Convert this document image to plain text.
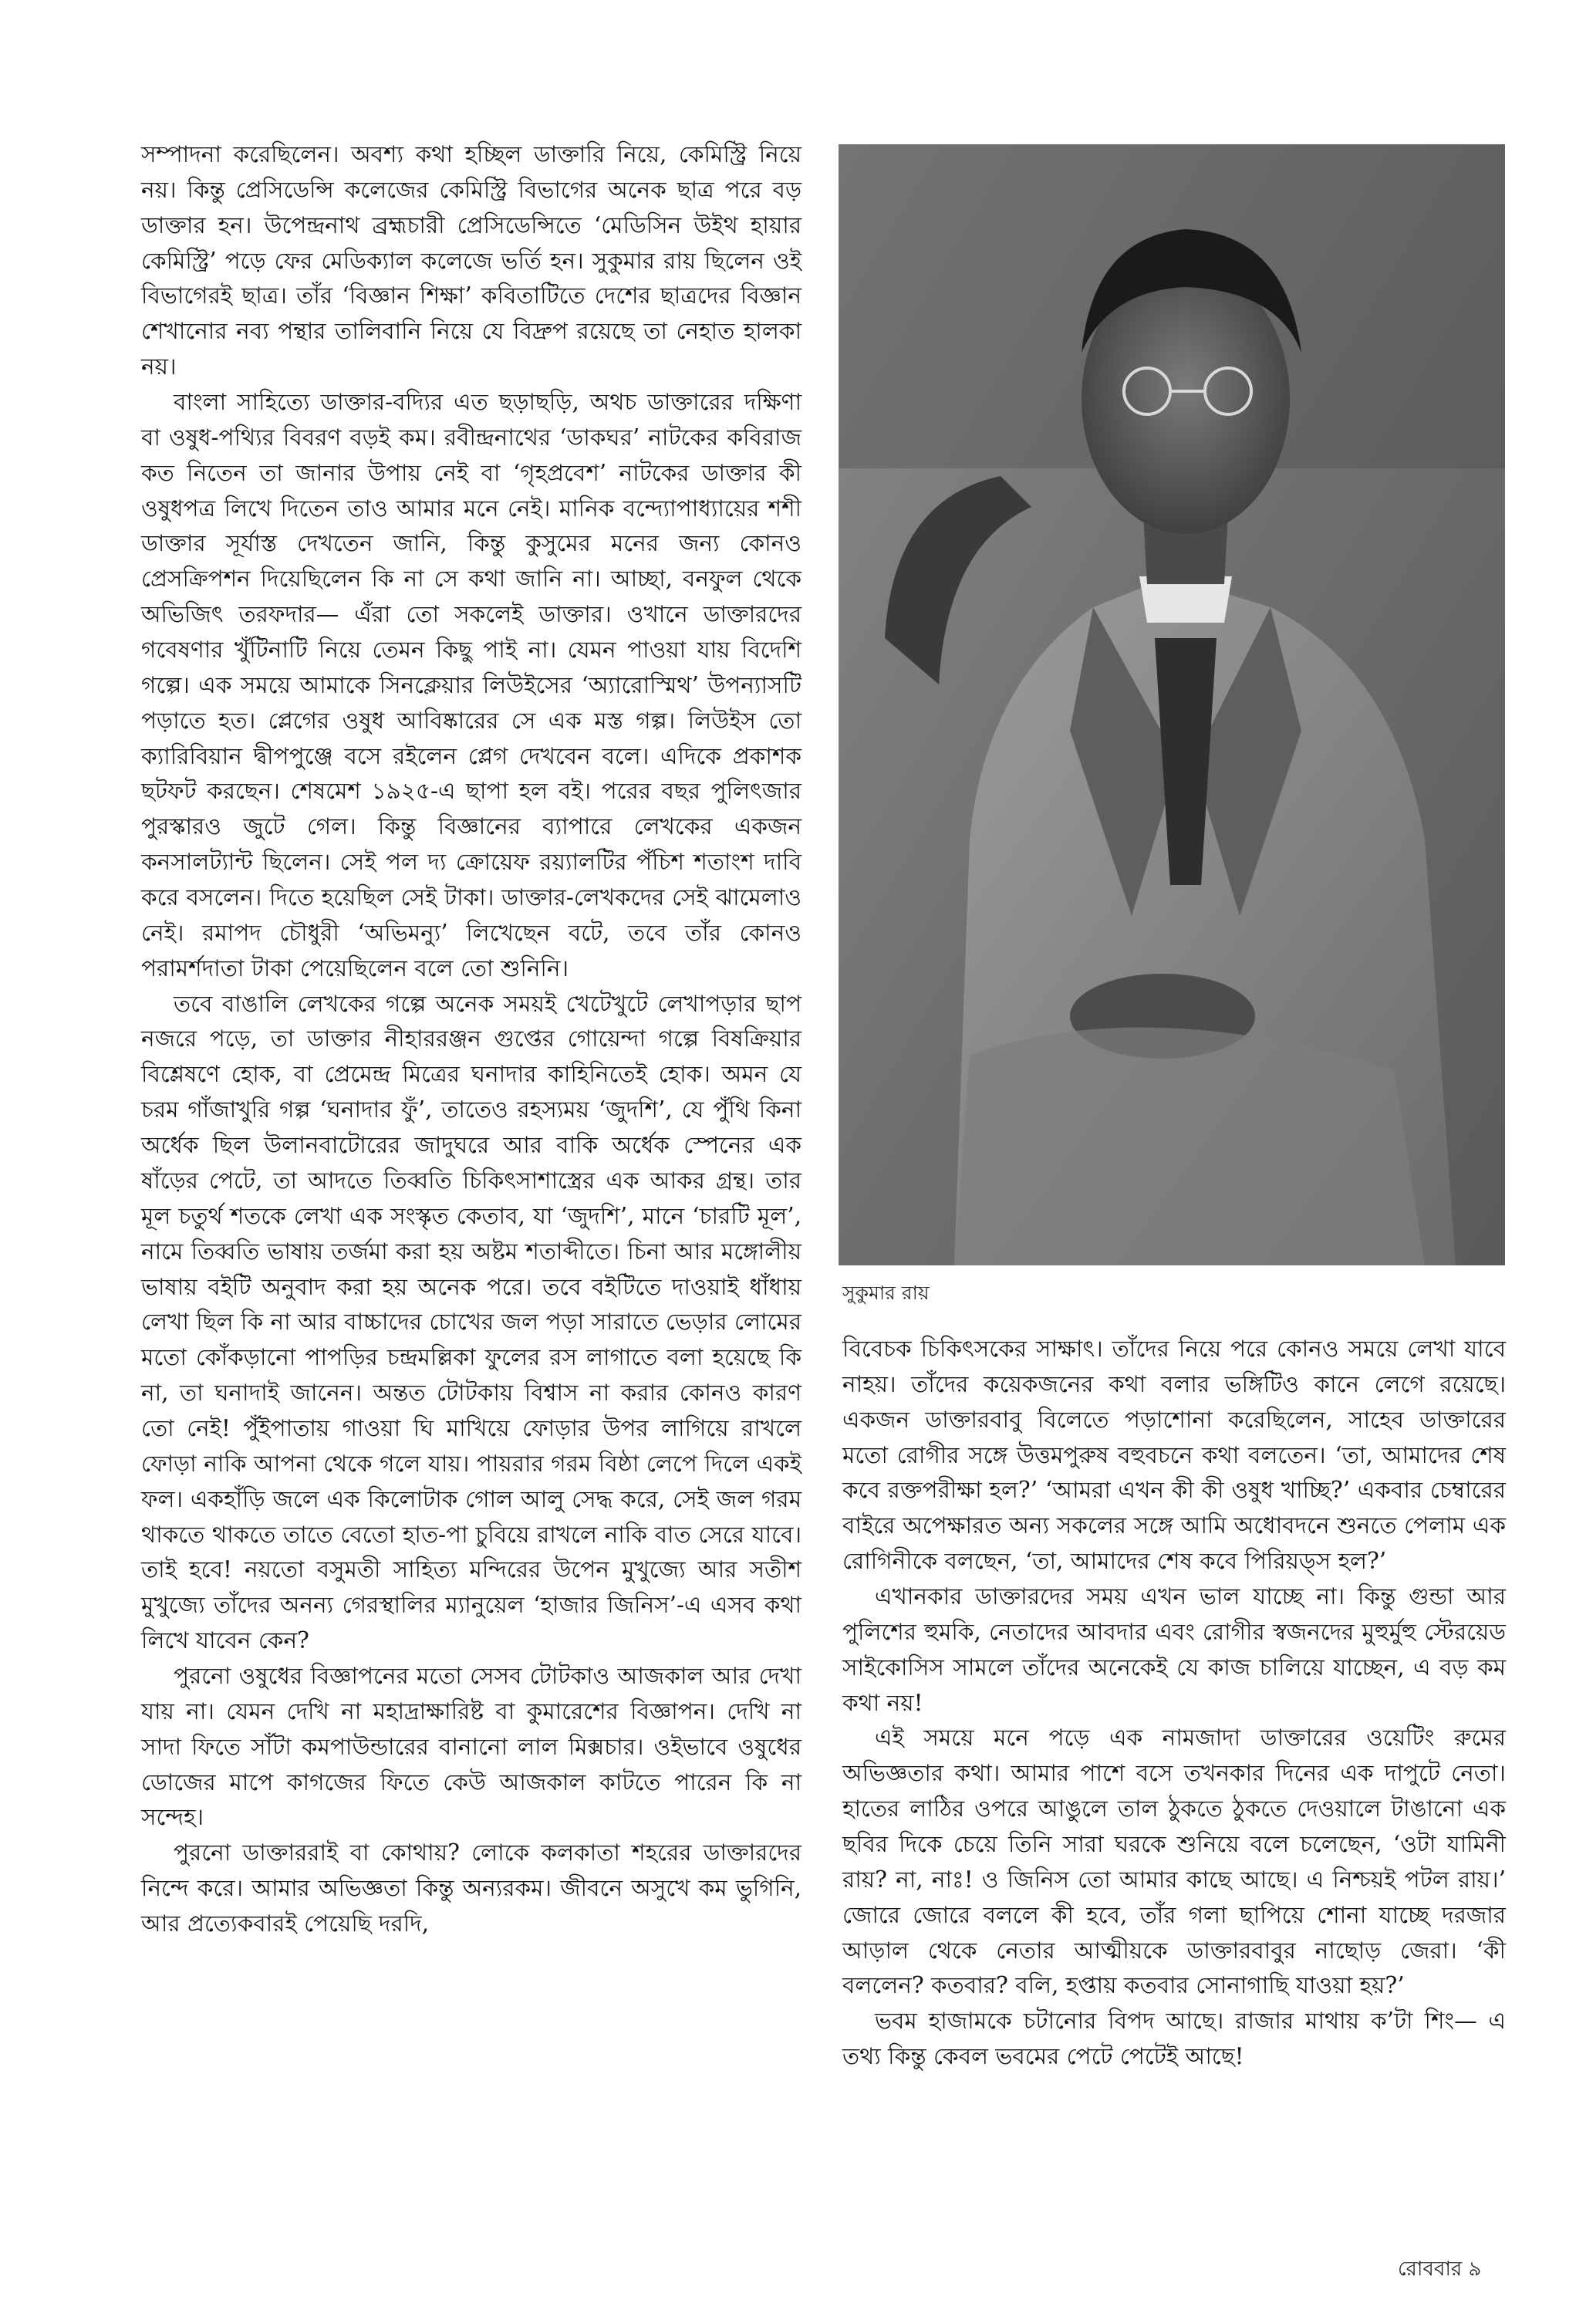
সম্পাদনা করেছিলেন। অবশ্য কথা হচ্ছিল ডাক্তারি নিয়ে, কেমিস্ট্রি নিয়ে নয়। কিন্তু প্রেসিডেন্সি কলেজের কেমিস্ট্রি বিভাগের অনেক ছাত্র পরে বড় ডাক্তার হন। উপেন্দ্রনাথ ব্রহ্মচারী প্রেসিডেন্সিতে ‘মেডিসিন উইথ হায়ার কেমিস্ট্রি’ পড়ে ফের মেডিক্যাল কলেজে ভর্তি হন। সুকুমার রায় ছিলেন ওই বিভাগেরই ছাত্র। তাঁর ‘বিজ্ঞান শিক্ষা’ কবিতাটিতে দেশের ছাত্রদের বিজ্ঞান শেখানোর নব্য পন্থার তালিবানি নিয়ে যে বিদ্রুপ রয়েছে তা নেহাত হালকা নয়।

বাংলা সাহিত্যে ডাক্তার-বদ্যির এত ছড়াছড়ি, অথচ ডাক্তারের দক্ষিণা বা ওষুধ-পথ্যির বিবরণ বড়ই কম। রবীন্দ্রনাথের ‘ডাকঘর’ নাটকের কবিরাজ কত নিতেন তা জানার উপায় নেই বা ‘গৃহপ্রবেশ’ নাটকের ডাক্তার কী ওষুধপত্র লিখে দিতেন তাও আমার মনে নেই। মানিক বন্দ্যোপাধ্যায়ের শশী ডাক্তার সূর্যাস্ত দেখতেন জানি, কিন্তু কুসুমের মনের জন্য কোনও প্রেসক্রিপশন দিয়েছিলেন কি না সে কথা জানি না। আচ্ছা, বনফুল থেকে অভিজিৎ তরফদার— এঁরা তো সকলেই ডাক্তার। ওখানে ডাক্তারদের গবেষণার খুঁটিনাটি নিয়ে তেমন কিছু পাই না। যেমন পাওয়া যায় বিদেশি গল্পে। এক সময়ে আমাকে সিনক্লেয়ার লিউইসের ‘অ্যারোস্মিথ’ উপন্যাসটি পড়াতে হত। প্লেগের ওষুধ আবিষ্কারের সে এক মস্ত গল্প। লিউইস তো ক্যারিবিয়ান দ্বীপপুঞ্জে বসে রইলেন প্লেগ দেখবেন বলে। এদিকে প্রকাশক ছটফট করছেন। শেষমেশ ১৯২৫-এ ছাপা হল বই। পরের বছর পুলিৎজার পুরস্কারও জুটে গেল। কিন্তু বিজ্ঞানের ব্যাপারে লেখকের একজন কনসালট্যান্ট ছিলেন। সেই পল দ্য ক্রোয়েফ রয়্যালটির পঁচিশ শতাংশ দাবি করে বসলেন। দিতে হয়েছিল সেই টাকা। ডাক্তার-লেখকদের সেই ঝামেলাও নেই। রমাপদ চৌধুরী ‘অভিমন্যু’ লিখেছেন বটে, তবে তাঁর কোনও পরামর্শদাতা টাকা পেয়েছিলেন বলে তো শুনিনি।

তবে বাঙালি লেখকের গল্পে অনেক সময়ই খেটেখুটে লেখাপড়ার ছাপ নজরে পড়ে, তা ডাক্তার নীহাররঞ্জন গুপ্তের গোয়েন্দা গল্পে বিষক্রিয়ার বিশ্লেষণে হোক, বা প্রেমেন্দ্র মিত্রের ঘনাদার কাহিনিতেই হোক। অমন যে চরম গাঁজাখুরি গল্প ‘ঘনাদার ফুঁ’, তাতেও রহস্যময় ‘জুদশি’, যে পুঁথি কিনা অর্ধেক ছিল উলানবাটোরের জাদুঘরে আর বাকি অর্ধেক স্পেনের এক ষাঁড়ের পেটে, তা আদতে তিব্বতি চিকিৎসাশাস্ত্রের এক আকর গ্রন্থ। তার মূল চতুর্থ শতকে লেখা এক সংস্কৃত কেতাব, যা ‘জুদশি’, মানে ‘চারটি মূল’, নামে তিব্বতি ভাষায় তর্জমা করা হয় অষ্টম শতাব্দীতে। চিনা আর মঙ্গোলীয় ভাষায় বইটি অনুবাদ করা হয় অনেক পরে। তবে বইটিতে দাওয়াই ধাঁধায় লেখা ছিল কি না আর বাচ্চাদের চোখের জল পড়া সারাতে ভেড়ার লোমের মতো কোঁকড়ানো পাপড়ির চন্দ্রমল্লিকা ফুলের রস লাগাতে বলা হয়েছে কি না, তা ঘনাদাই জানেন। অন্তত টোটকায় বিশ্বাস না করার কোনও কারণ তো নেই! পুঁইপাতায় গাওয়া ঘি মাখিয়ে ফোড়ার উপর লাগিয়ে রাখলে ফোড়া নাকি আপনা থেকে গলে যায়। পায়রার গরম বিষ্ঠা লেপে দিলে একই ফল। একহাঁড়ি জলে এক কিলোটাক গোল আলু সেদ্ধ করে, সেই জল গরম থাকতে থাকতে তাতে বেতো হাত-পা চুবিয়ে রাখলে নাকি বাত সেরে যাবে। তাই হবে! নয়তো বসুমতী সাহিত্য মন্দিরের উপেন মুখুজ্যে আর সতীশ মুখুজ্যে তাঁদের অনন্য গেরস্থালির ম্যানুয়েল ‘হাজার জিনিস’-এ এসব কথা লিখে যাবেন কেন?

পুরনো ওষুধের বিজ্ঞাপনের মতো সেসব টোটকাও আজকাল আর দেখা যায় না। যেমন দেখি না মহাদ্রাক্ষারিষ্ট বা কুমারেশের বিজ্ঞাপন। দেখি না সাদা ফিতে সাঁটা কমপাউন্ডারের বানানো লাল মিক্সচার। ওইভাবে ওষুধের ডোজের মাপে কাগজের ফিতে কেউ আজকাল কাটতে পারেন কি না সন্দেহ।

পুরনো ডাক্তাররাই বা কোথায়? লোকে কলকাতা শহরের ডাক্তারদের নিন্দে করে। আমার অভিজ্ঞতা কিন্তু অন্যরকম। জীবনে অসুখে কম ভুগিনি, আর প্রত্যেকবারই পেয়েছি দরদি,

সুকুমার রায়

বিবেচক চিকিৎসকের সাক্ষাৎ। তাঁদের নিয়ে পরে কোনও সময়ে লেখা যাবে নাহয়। তাঁদের কয়েকজনের কথা বলার ভঙ্গিটিও কানে লেগে রয়েছে। একজন ডাক্তারবাবু বিলেতে পড়াশোনা করেছিলেন, সাহেব ডাক্তারের মতো রোগীর সঙ্গে উত্তমপুরুষ বহুবচনে কথা বলতেন। ‘তা, আমাদের শেষ কবে রক্তপরীক্ষা হল?’ ‘আমরা এখন কী কী ওষুধ খাচ্ছি?’ একবার চেম্বারের বাইরে অপেক্ষারত অন্য সকলের সঙ্গে আমি অধোবদনে শুনতে পেলাম এক রোগিনীকে বলছেন, ‘তা, আমাদের শেষ কবে পিরিয়ড্স হল?’

এখানকার ডাক্তারদের সময় এখন ভাল যাচ্ছে না। কিন্তু গুন্ডা আর পুলিশের হুমকি, নেতাদের আবদার এবং রোগীর স্বজনদের মুহুর্মুহু স্টেরয়েড সাইকোসিস সামলে তাঁদের অনেকেই যে কাজ চালিয়ে যাচ্ছেন, এ বড় কম কথা নয়!

এই সময়ে মনে পড়ে এক নামজাদা ডাক্তারের ওয়েটিং রুমের অভিজ্ঞতার কথা। আমার পাশে বসে তখনকার দিনের এক দাপুটে নেতা। হাতের লাঠির ওপরে আঙুলে তাল ঠুকতে ঠুকতে দেওয়ালে টাঙানো এক ছবির দিকে চেয়ে তিনি সারা ঘরকে শুনিয়ে বলে চলেছেন, ‘ওটা যামিনী রায়? না, নাঃ! ও জিনিস তো আমার কাছে আছে। এ নিশ্চয়ই পটল রায়।’ জোরে জোরে বললে কী হবে, তাঁর গলা ছাপিয়ে শোনা যাচ্ছে দরজার আড়াল থেকে নেতার আত্মীয়কে ডাক্তারবাবুর নাছোড় জেরা। ‘কী বললেন? কতবার? বলি, হপ্তায় কতবার সোনাগাছি যাওয়া হয়?’

ভবম হাজামকে চটানোর বিপদ আছে। রাজার মাথায় ক’টা শিং— এ তথ্য কিন্তু কেবল ভবমের পেটে পেটেই আছে!

রোববার ৯
